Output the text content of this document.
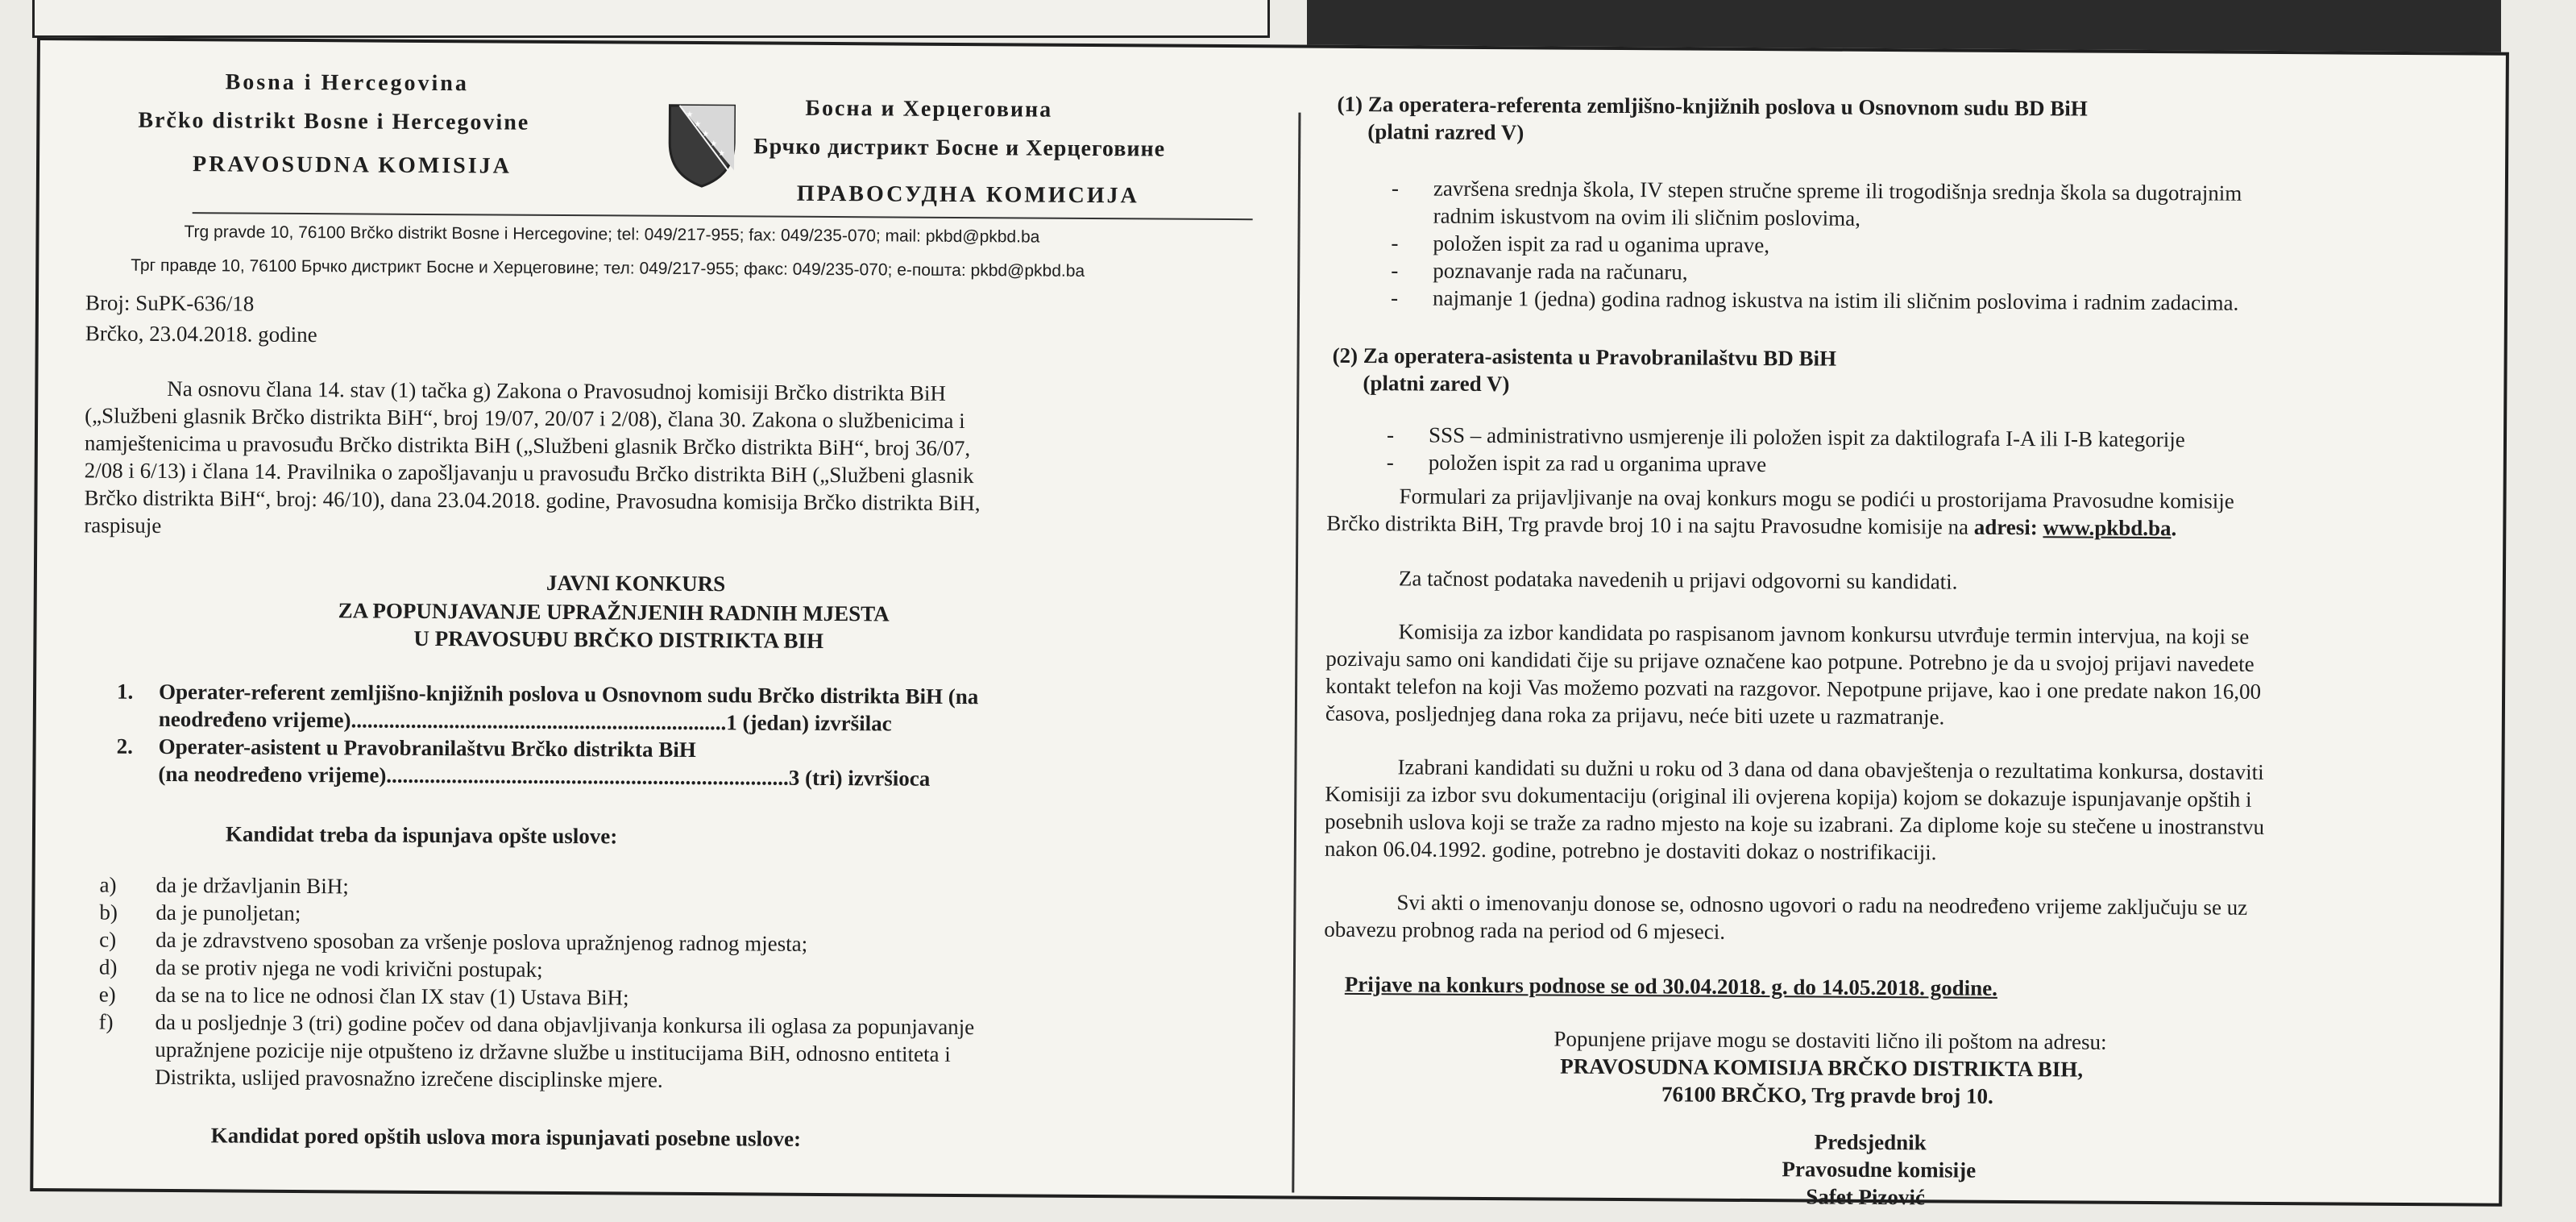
Bosna i Hercegovina
Brčko distrikt Bosne i Hercegovine
PRAVOSUDNA KOMISIJA
★
★
★
★
★
Босна и Херцеговина
Брчко дистрикт Босне и Херцеговине
ПРАВОСУДНА КОМИСИЈА
Trg pravde 10, 76100 Brčko distrikt Bosne i Hercegovine; tel: 049/217-955; fax: 049/235-070; mail: pkbd@pkbd.ba
Трг правде 10, 76100 Брчко дистрикт Босне и Херцеговине; тел: 049/217-955; факс: 049/235-070; е-пошта: pkbd@pkbd.ba
Broj: SuPK-636/18
Brčko, 23.04.2018. godine
Na osnovu člana 14. stav (1) tačka g) Zakona o Pravosudnoj komisiji Brčko distrikta BiH
(„Službeni glasnik Brčko distrikta BiH“, broj 19/07, 20/07 i 2/08), člana 30. Zakona o službenicima i
namještenicima u pravosuđu Brčko distrikta BiH („Službeni glasnik Brčko distrikta BiH“, broj 36/07,
2/08 i 6/13) i člana 14. Pravilnika o zapošljavanju u pravosuđu Brčko distrikta BiH („Službeni glasnik
Brčko distrikta BiH“, broj: 46/10), dana 23.04.2018. godine, Pravosudna komisija Brčko distrikta BiH,
raspisuje
JAVNI KONKURS
ZA POPUNJAVANJE UPRAŽNJENIH RADNIH MJESTA
U PRAVOSUĐU BRČKO DISTRIKTA BIH
1. Operater-referent zemljišno-knjižnih poslova u Osnovnom sudu Brčko distrikta BiH (na
neodređeno vrijeme).....................................................................1 (jedan) izvršilac
2. Operater-asistent u Pravobranilaštvu Brčko distrikta BiH
(na neodređeno vrijeme)..........................................................................3 (tri) izvršioca
Kandidat treba da ispunjava opšte uslove:
a) da je državljanin BiH;
b) da je punoljetan;
c) da je zdravstveno sposoban za vršenje poslova upražnjenog radnog mjesta;
d) da se protiv njega ne vodi krivični postupak;
e) da se na to lice ne odnosi član IX stav (1) Ustava BiH;
f) da u posljednje 3 (tri) godine počev od dana objavljivanja konkursa ili oglasa za popunjavanje
upražnjene pozicije nije otpušteno iz državne službe u institucijama BiH, odnosno entiteta i
Distrikta, uslijed pravosnažno izrečene disciplinske mjere.
Kandidat pored opštih uslova mora ispunjavati posebne uslove:
(1) Za operatera-referenta zemljišno-knjižnih poslova u Osnovnom sudu BD BiH
(platni razred V)
- završena srednja škola, IV stepen stručne spreme ili trogodišnja srednja škola sa dugotrajnim
radnim iskustvom na ovim ili sličnim poslovima,
- položen ispit za rad u oganima uprave,
- poznavanje rada na računaru,
- najmanje 1 (jedna) godina radnog iskustva na istim ili sličnim poslovima i radnim zadacima.
(2) Za operatera-asistenta u Pravobranilaštvu BD BiH
(platni zared V)
- SSS – administrativno usmjerenje ili položen ispit za daktilografa I-A ili I-B kategorije
- položen ispit za rad u organima uprave
Formulari za prijavljivanje na ovaj konkurs mogu se podići u prostorijama Pravosudne komisije
Brčko distrikta BiH, Trg pravde broj 10 i na sajtu Pravosudne komisije na adresi: www.pkbd.ba.
Za tačnost podataka navedenih u prijavi odgovorni su kandidati.
Komisija za izbor kandidata po raspisanom javnom konkursu utvrđuje termin intervjua, na koji se
pozivaju samo oni kandidati čije su prijave označene kao potpune. Potrebno je da u svojoj prijavi navedete
kontakt telefon na koji Vas možemo pozvati na razgovor. Nepotpune prijave, kao i one predate nakon 16,00
časova, posljednjeg dana roka za prijavu, neće biti uzete u razmatranje.
Izabrani kandidati su dužni u roku od 3 dana od dana obavještenja o rezultatima konkursa, dostaviti
Komisiji za izbor svu dokumentaciju (original ili ovjerena kopija) kojom se dokazuje ispunjavanje opštih i
posebnih uslova koji se traže za radno mjesto na koje su izabrani. Za diplome koje su stečene u inostranstvu
nakon 06.04.1992. godine, potrebno je dostaviti dokaz o nostrifikaciji.
Svi akti o imenovanju donose se, odnosno ugovori o radu na neodređeno vrijeme zaključuju se uz
obavezu probnog rada na period od 6 mjeseci.
Prijave na konkurs podnose se od 30.04.2018. g. do 14.05.2018. godine.
Popunjene prijave mogu se dostaviti lično ili poštom na adresu:
PRAVOSUDNA KOMISIJA BRČKO DISTRIKTA BIH,
76100 BRČKO, Trg pravde broj 10.
Predsjednik
Pravosudne komisije
Safet Pizović
